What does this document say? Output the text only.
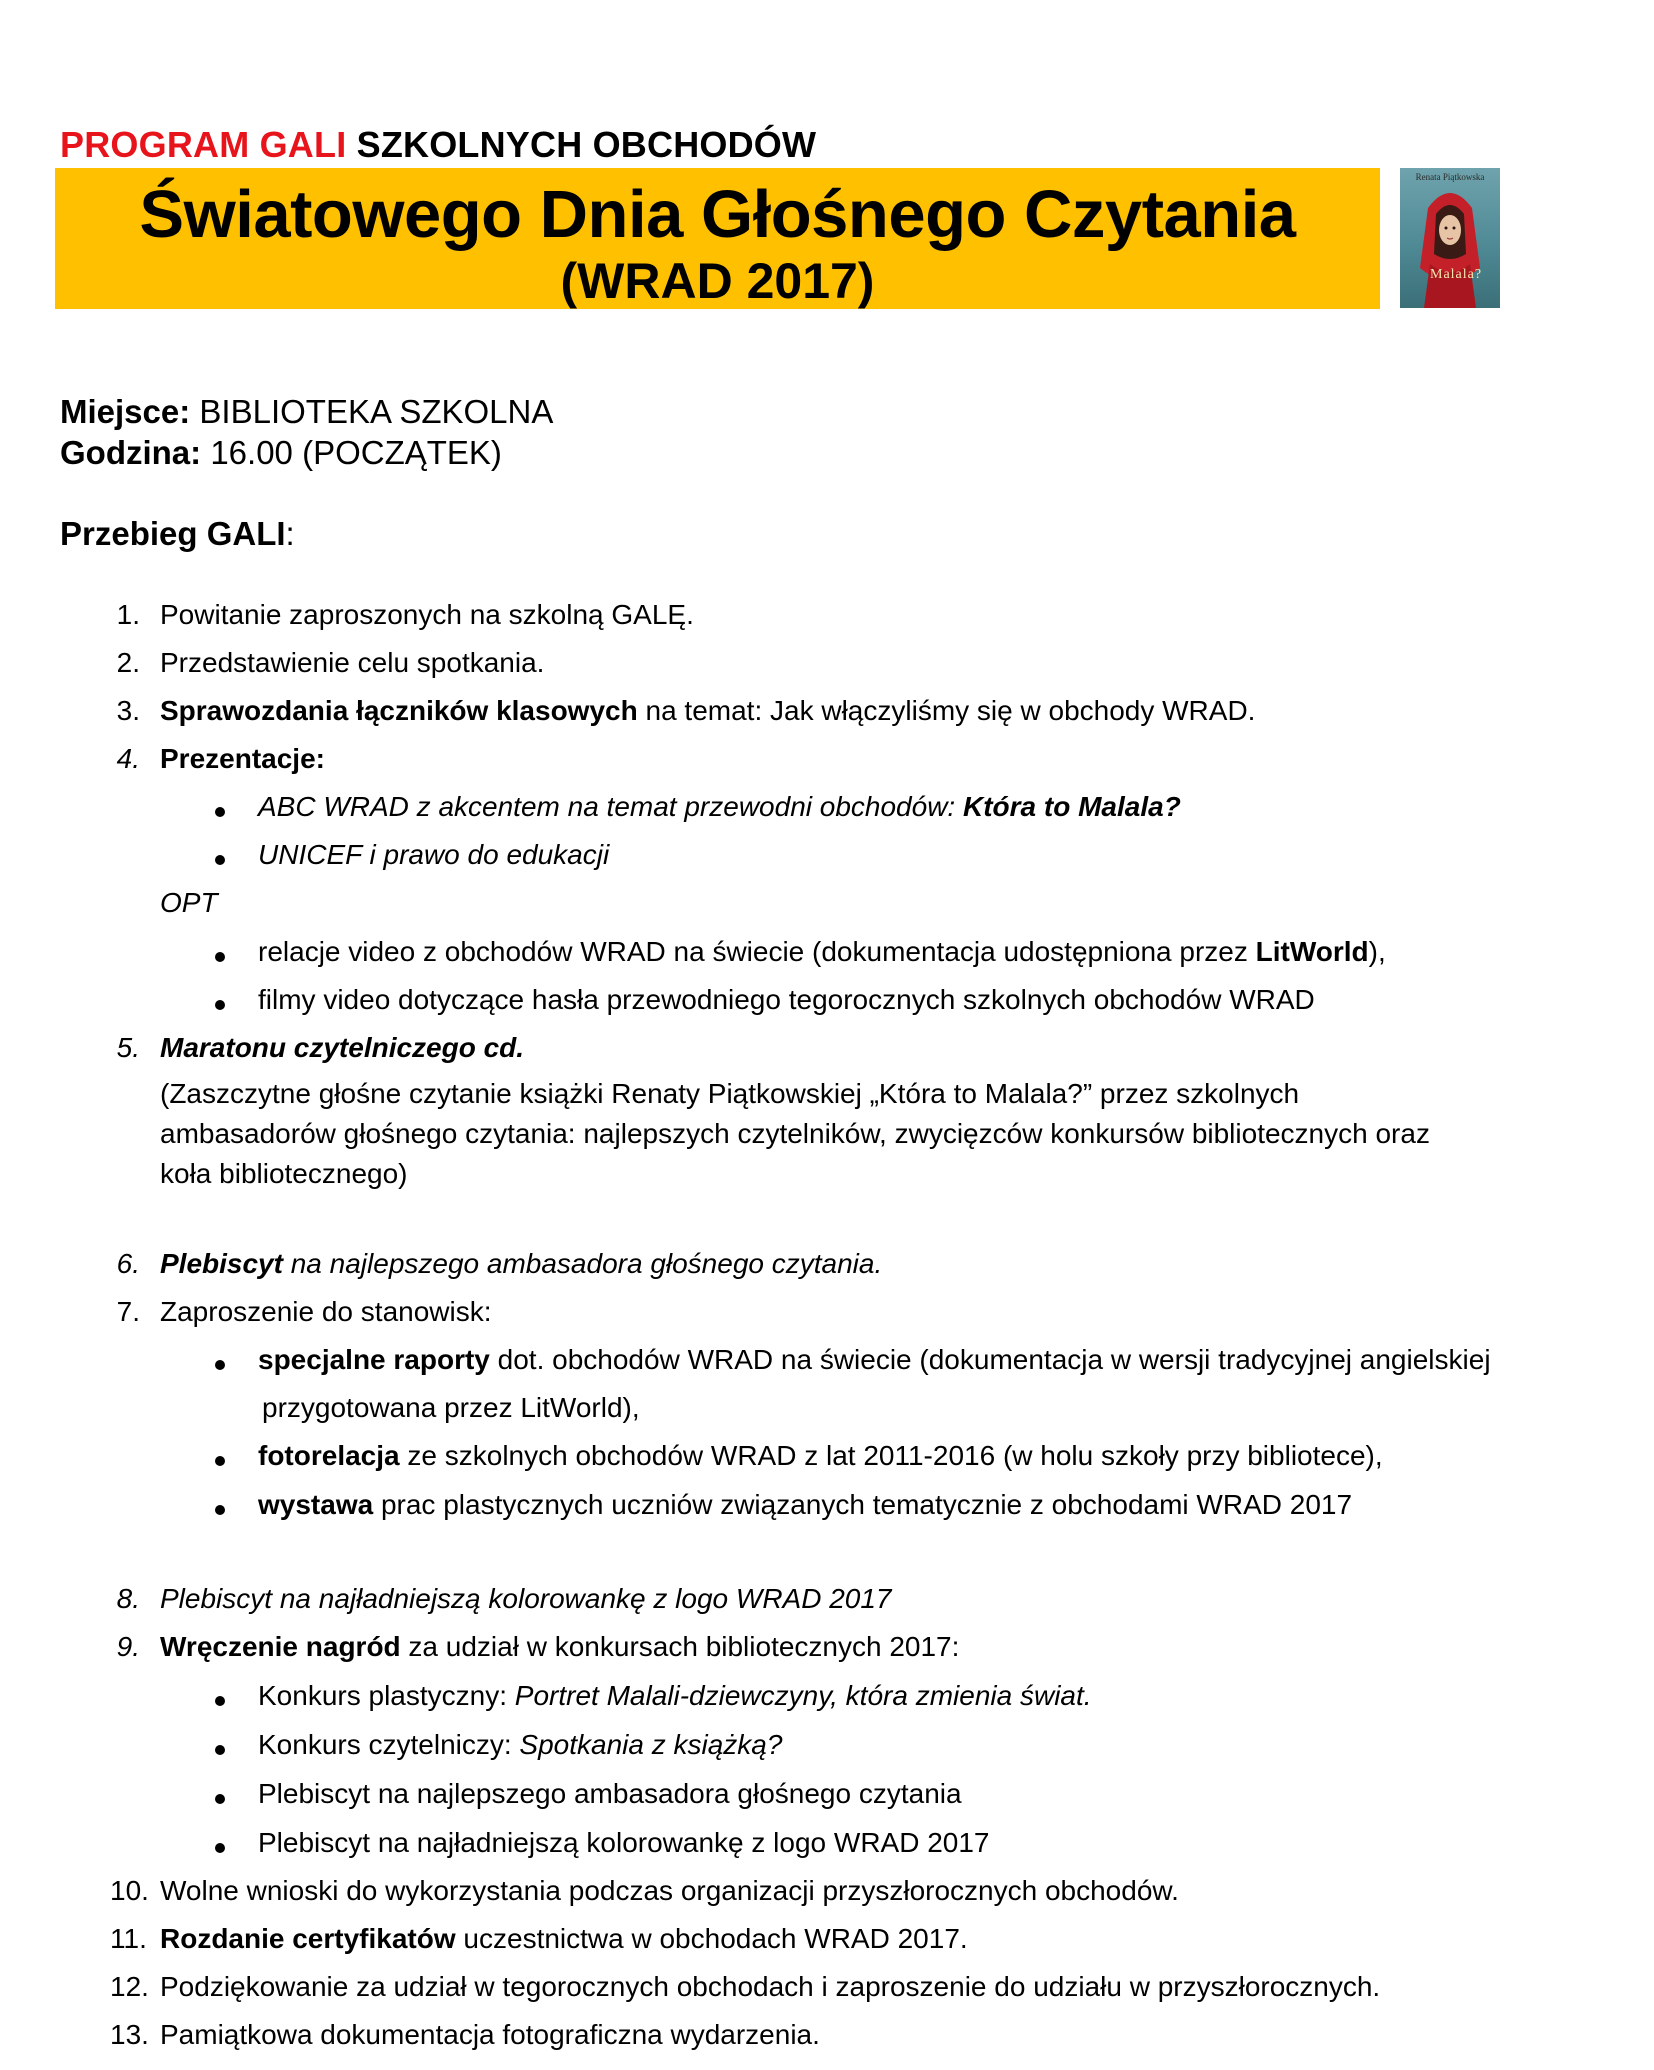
PROGRAM GALI SZKOLNYCH OBCHODÓW
Światowego Dnia Głośnego Czytania
(WRAD 2017)
Renata Piątkowska
Malala?
Miejsce: BIBLIOTEKA SZKOLNA
Godzina: 16.00 (POCZĄTEK)
Przebieg GALI:
1. Powitanie zaproszonych na szkolną GALĘ.
2. Przedstawienie celu spotkania.
3. Sprawozdania łączników klasowych na temat: Jak włączyliśmy się w obchody WRAD.
4. Prezentacje:
ABC WRAD z akcentem na temat przewodni obchodów: Która to Malala?
UNICEF i prawo do edukacji
OPT
relacje video z obchodów WRAD na świecie (dokumentacja udostępniona przez LitWorld),
filmy video dotyczące hasła przewodniego tegorocznych szkolnych obchodów WRAD
5. Maratonu czytelniczego cd.
(Zaszczytne głośne czytanie książki Renaty Piątkowskiej „Która to Malala?” przez szkolnych
ambasadorów głośnego czytania: najlepszych czytelników, zwycięzców konkursów bibliotecznych oraz
koła bibliotecznego)
6. Plebiscyt na najlepszego ambasadora głośnego czytania.
7. Zaproszenie do stanowisk:
specjalne raporty dot. obchodów WRAD na świecie (dokumentacja w wersji tradycyjnej angielskiej
przygotowana przez LitWorld),
fotorelacja ze szkolnych obchodów WRAD z lat 2011-2016 (w holu szkoły przy bibliotece),
wystawa prac plastycznych uczniów związanych tematycznie z obchodami WRAD 2017
8. Plebiscyt na najładniejszą kolorowankę z logo WRAD 2017
9. Wręczenie nagród za udział w konkursach bibliotecznych 2017:
Konkurs plastyczny: Portret Malali-dziewczyny, która zmienia świat.
Konkurs czytelniczy: Spotkania z książką?
Plebiscyt na najlepszego ambasadora głośnego czytania
Plebiscyt na najładniejszą kolorowankę z logo WRAD 2017
10. Wolne wnioski do wykorzystania podczas organizacji przyszłorocznych obchodów.
11. Rozdanie certyfikatów uczestnictwa w obchodach WRAD 2017.
12. Podziękowanie za udział w tegorocznych obchodach i zaproszenie do udziału w przyszłorocznych.
13. Pamiątkowa dokumentacja fotograficzna wydarzenia.
